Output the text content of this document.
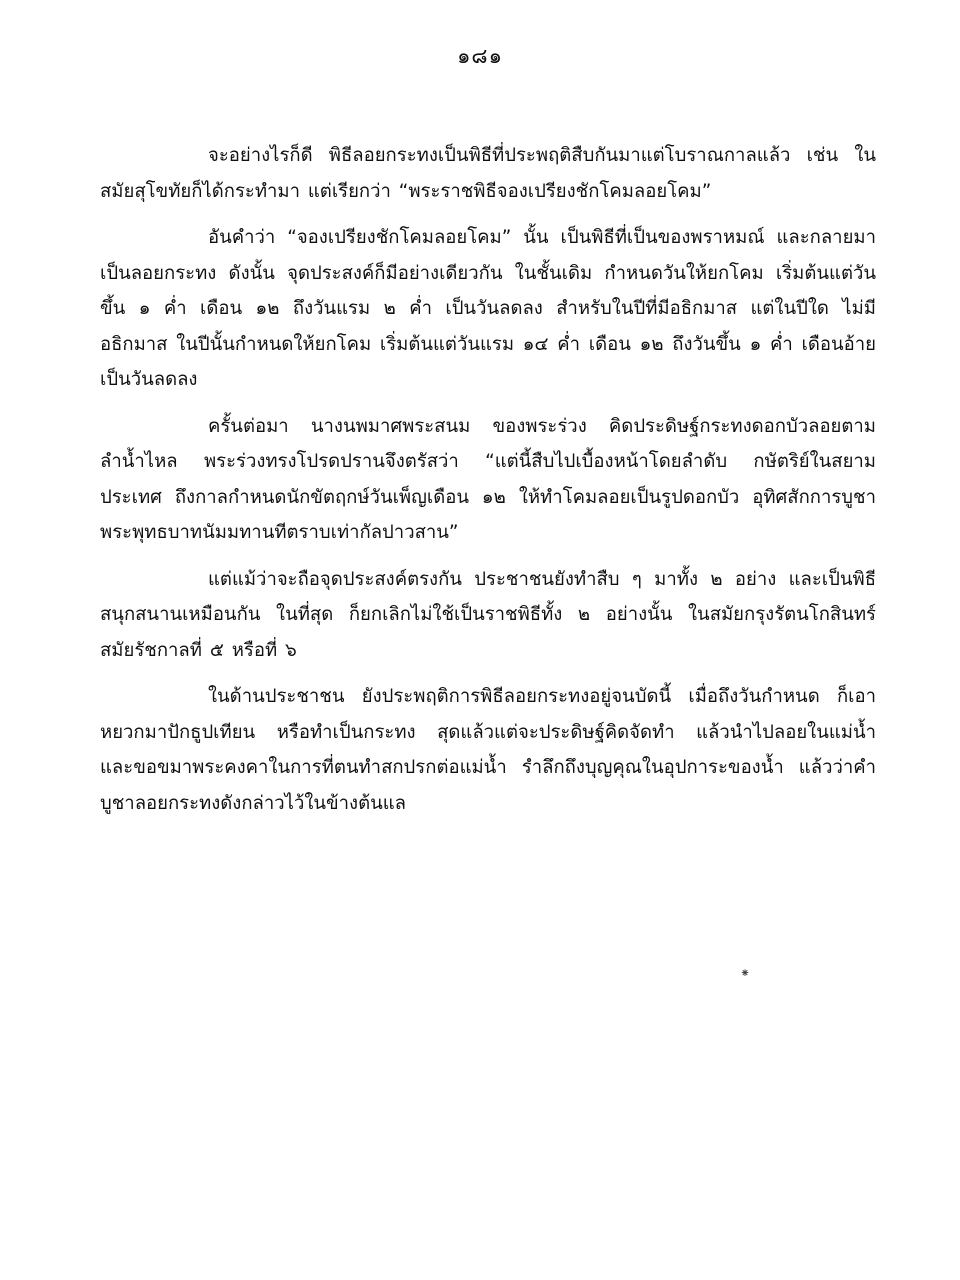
๑๘๑

จะอย่างไรก็ดี พิธีลอยกระทงเป็นพิธีที่ประพฤติสืบกันมาแต่โบราณกาลแล้ว เช่น ในสมัยสุโขทัยก็ได้กระทำมา แต่เรียกว่า “พระราชพิธีจองเปรียงชักโคมลอยโคม”

อันคำว่า “จองเปรียงชักโคมลอยโคม” นั้น เป็นพิธีที่เป็นของพราหมณ์ และกลายมาเป็นลอยกระทง ดังนั้น จุดประสงค์ก็มีอย่างเดียวกัน ในชั้นเดิม กำหนดวันให้ยกโคม เริ่มต้นแต่วันขึ้น ๑ ค่ำ เดือน ๑๒ ถึงวันแรม ๒ ค่ำ เป็นวันลดลง สำหรับในปีที่มีอธิกมาส แต่ในปีใด ไม่มีอธิกมาส ในปีนั้นกำหนดให้ยกโคม เริ่มต้นแต่วันแรม ๑๔ ค่ำ เดือน ๑๒ ถึงวันขึ้น ๑ ค่ำ เดือนอ้าย เป็นวันลดลง

ครั้นต่อมา นางนพมาศพระสนม ของพระร่วง คิดประดิษฐ์กระทงดอกบัวลอยตามลำน้ำไหล พระร่วงทรงโปรดปรานจึงตรัสว่า “แต่นี้สืบไปเบื้องหน้าโดยลำดับ กษัตริย์ในสยามประเทศ ถึงกาลกำหนดนักขัตฤกษ์วันเพ็ญเดือน ๑๒ ให้ทำโคมลอยเป็นรูปดอกบัว อุทิศสักการบูชาพระพุทธบาทนัมมทานทีตราบเท่ากัลปาวสาน”

แต่แม้ว่าจะถือจุดประสงค์ตรงกัน ประชาชนยังทำสืบ ๆ มาทั้ง ๒ อย่าง และเป็นพิธีสนุกสนานเหมือนกัน ในที่สุด ก็ยกเลิกไม่ใช้เป็นราชพิธีทั้ง ๒ อย่างนั้น ในสมัยกรุงรัตนโกสินทร์ สมัยรัชกาลที่ ๕ หรือที่ ๖

ในด้านประชาชน ยังประพฤติการพิธีลอยกระทงอยู่จนบัดนี้ เมื่อถึงวันกำหนด ก็เอาหยวกมาปักธูปเทียน หรือทำเป็นกระทง สุดแล้วแต่จะประดิษฐ์คิดจัดทำ แล้วนำไปลอยในแม่น้ำ และขอขมาพระคงคาในการที่ตนทำสกปรกต่อแม่น้ำ รำลึกถึงบุญคุณในอุปการะของน้ำ แล้วว่าคำบูชาลอยกระทงดังกล่าวไว้ในข้างต้นแล

⁕
